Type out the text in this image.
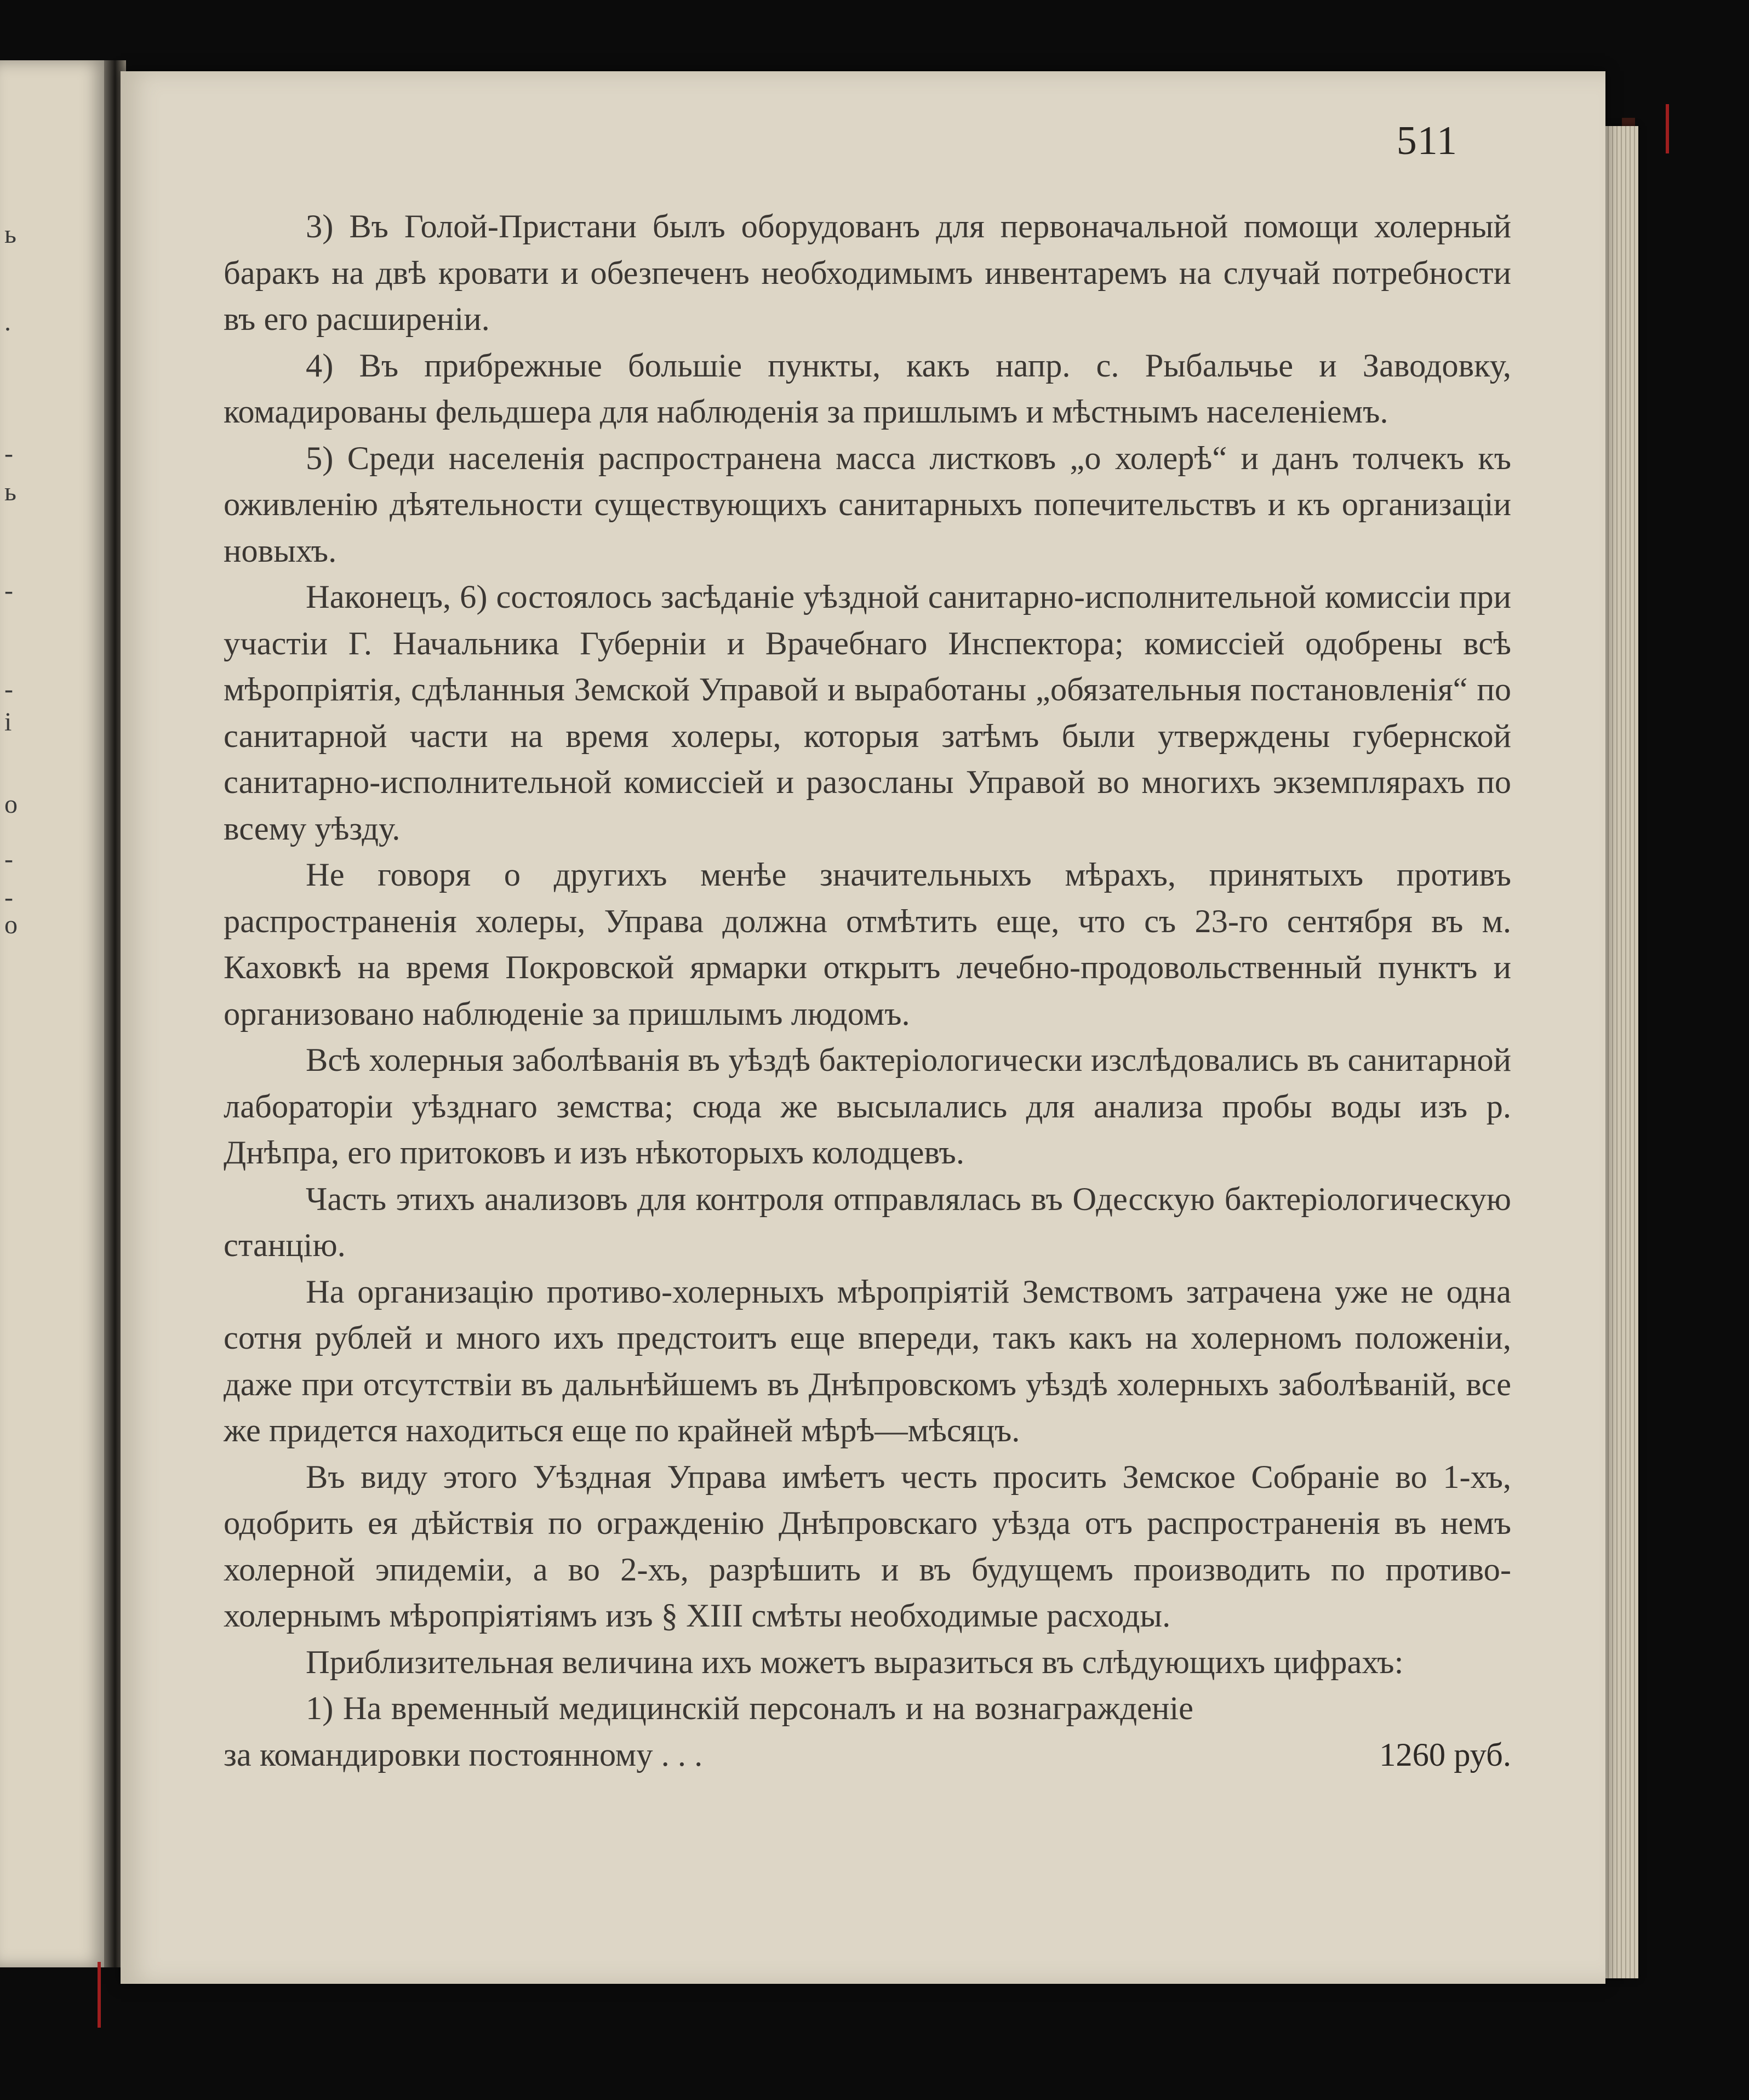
ь
.
-
ь
-
-
і
о
-
-
о
511

3) Въ Голой-Пристани былъ оборудованъ для первоначальной помощи холерный баракъ на двѣ кровати и обезпеченъ необходимымъ инвентаремъ на случай потребности въ его расширеніи.

4) Въ прибрежные большіе пункты, какъ напр. с. Рыбальчье и Заводовку, комадированы фельдшера для наблюденія за пришлымъ и мѣстнымъ населеніемъ.

5) Среди населенія распространена масса листковъ „о холерѣ“ и данъ толчекъ къ оживленію дѣятельности существующихъ санитарныхъ попечительствъ и къ организаціи новыхъ.

Наконецъ, 6) состоялось засѣданіе уѣздной санитарно-исполнительной комиссіи при участіи Г. Начальника Губерніи и Врачебнаго Инспектора; комиссіей одобрены всѣ мѣропріятія, сдѣланныя Земской Управой и выработаны „обязательныя постановленія“ по санитарной части на время холеры, которыя затѣмъ были утверждены губернской санитарно-исполнительной комиссіей и разосланы Управой во многихъ экземплярахъ по всему уѣзду.

Не говоря о другихъ менѣе значительныхъ мѣрахъ, принятыхъ противъ распространенія холеры, Управа должна отмѣтить еще, что съ 23-го сентября въ м. Каховкѣ на время Покровской ярмарки открытъ лечебно-продовольственный пунктъ и организовано наблюденіе за пришлымъ людомъ.

Всѣ холерныя заболѣванія въ уѣздѣ бактеріологически изслѣдовались въ санитарной лабораторіи уѣзднаго земства; сюда же высылались для анализа пробы воды изъ р. Днѣпра, его притоковъ и изъ нѣкоторыхъ колодцевъ.

Часть этихъ анализовъ для контроля отправлялась въ Одесскую бактеріологическую станцію.

На организацію противо-холерныхъ мѣропріятій Земствомъ затрачена уже не одна сотня рублей и много ихъ предстоитъ еще впереди, такъ какъ на холерномъ положеніи, даже при отсутствіи въ дальнѣйшемъ въ Днѣпровскомъ уѣздѣ холерныхъ заболѣваній, все же придется находиться еще по крайней мѣрѣ—мѣсяцъ.

Въ виду этого Уѣздная Управа имѣетъ честь просить Земское Собраніе во 1-хъ, одобрить ея дѣйствія по огражденію Днѣпровскаго уѣзда отъ распространенія въ немъ холерной эпидеміи, а во 2-хъ, разрѣшить и въ будущемъ производить по противо-холернымъ мѣропріятіямъ изъ § XIII смѣты необходимые расходы.

Приблизительная величина ихъ можетъ выразиться въ слѣдующихъ цифрахъ:

1) На временный медицинскій персоналъ и на вознагражденіе за командировки постоянному . . .	1260 руб.
